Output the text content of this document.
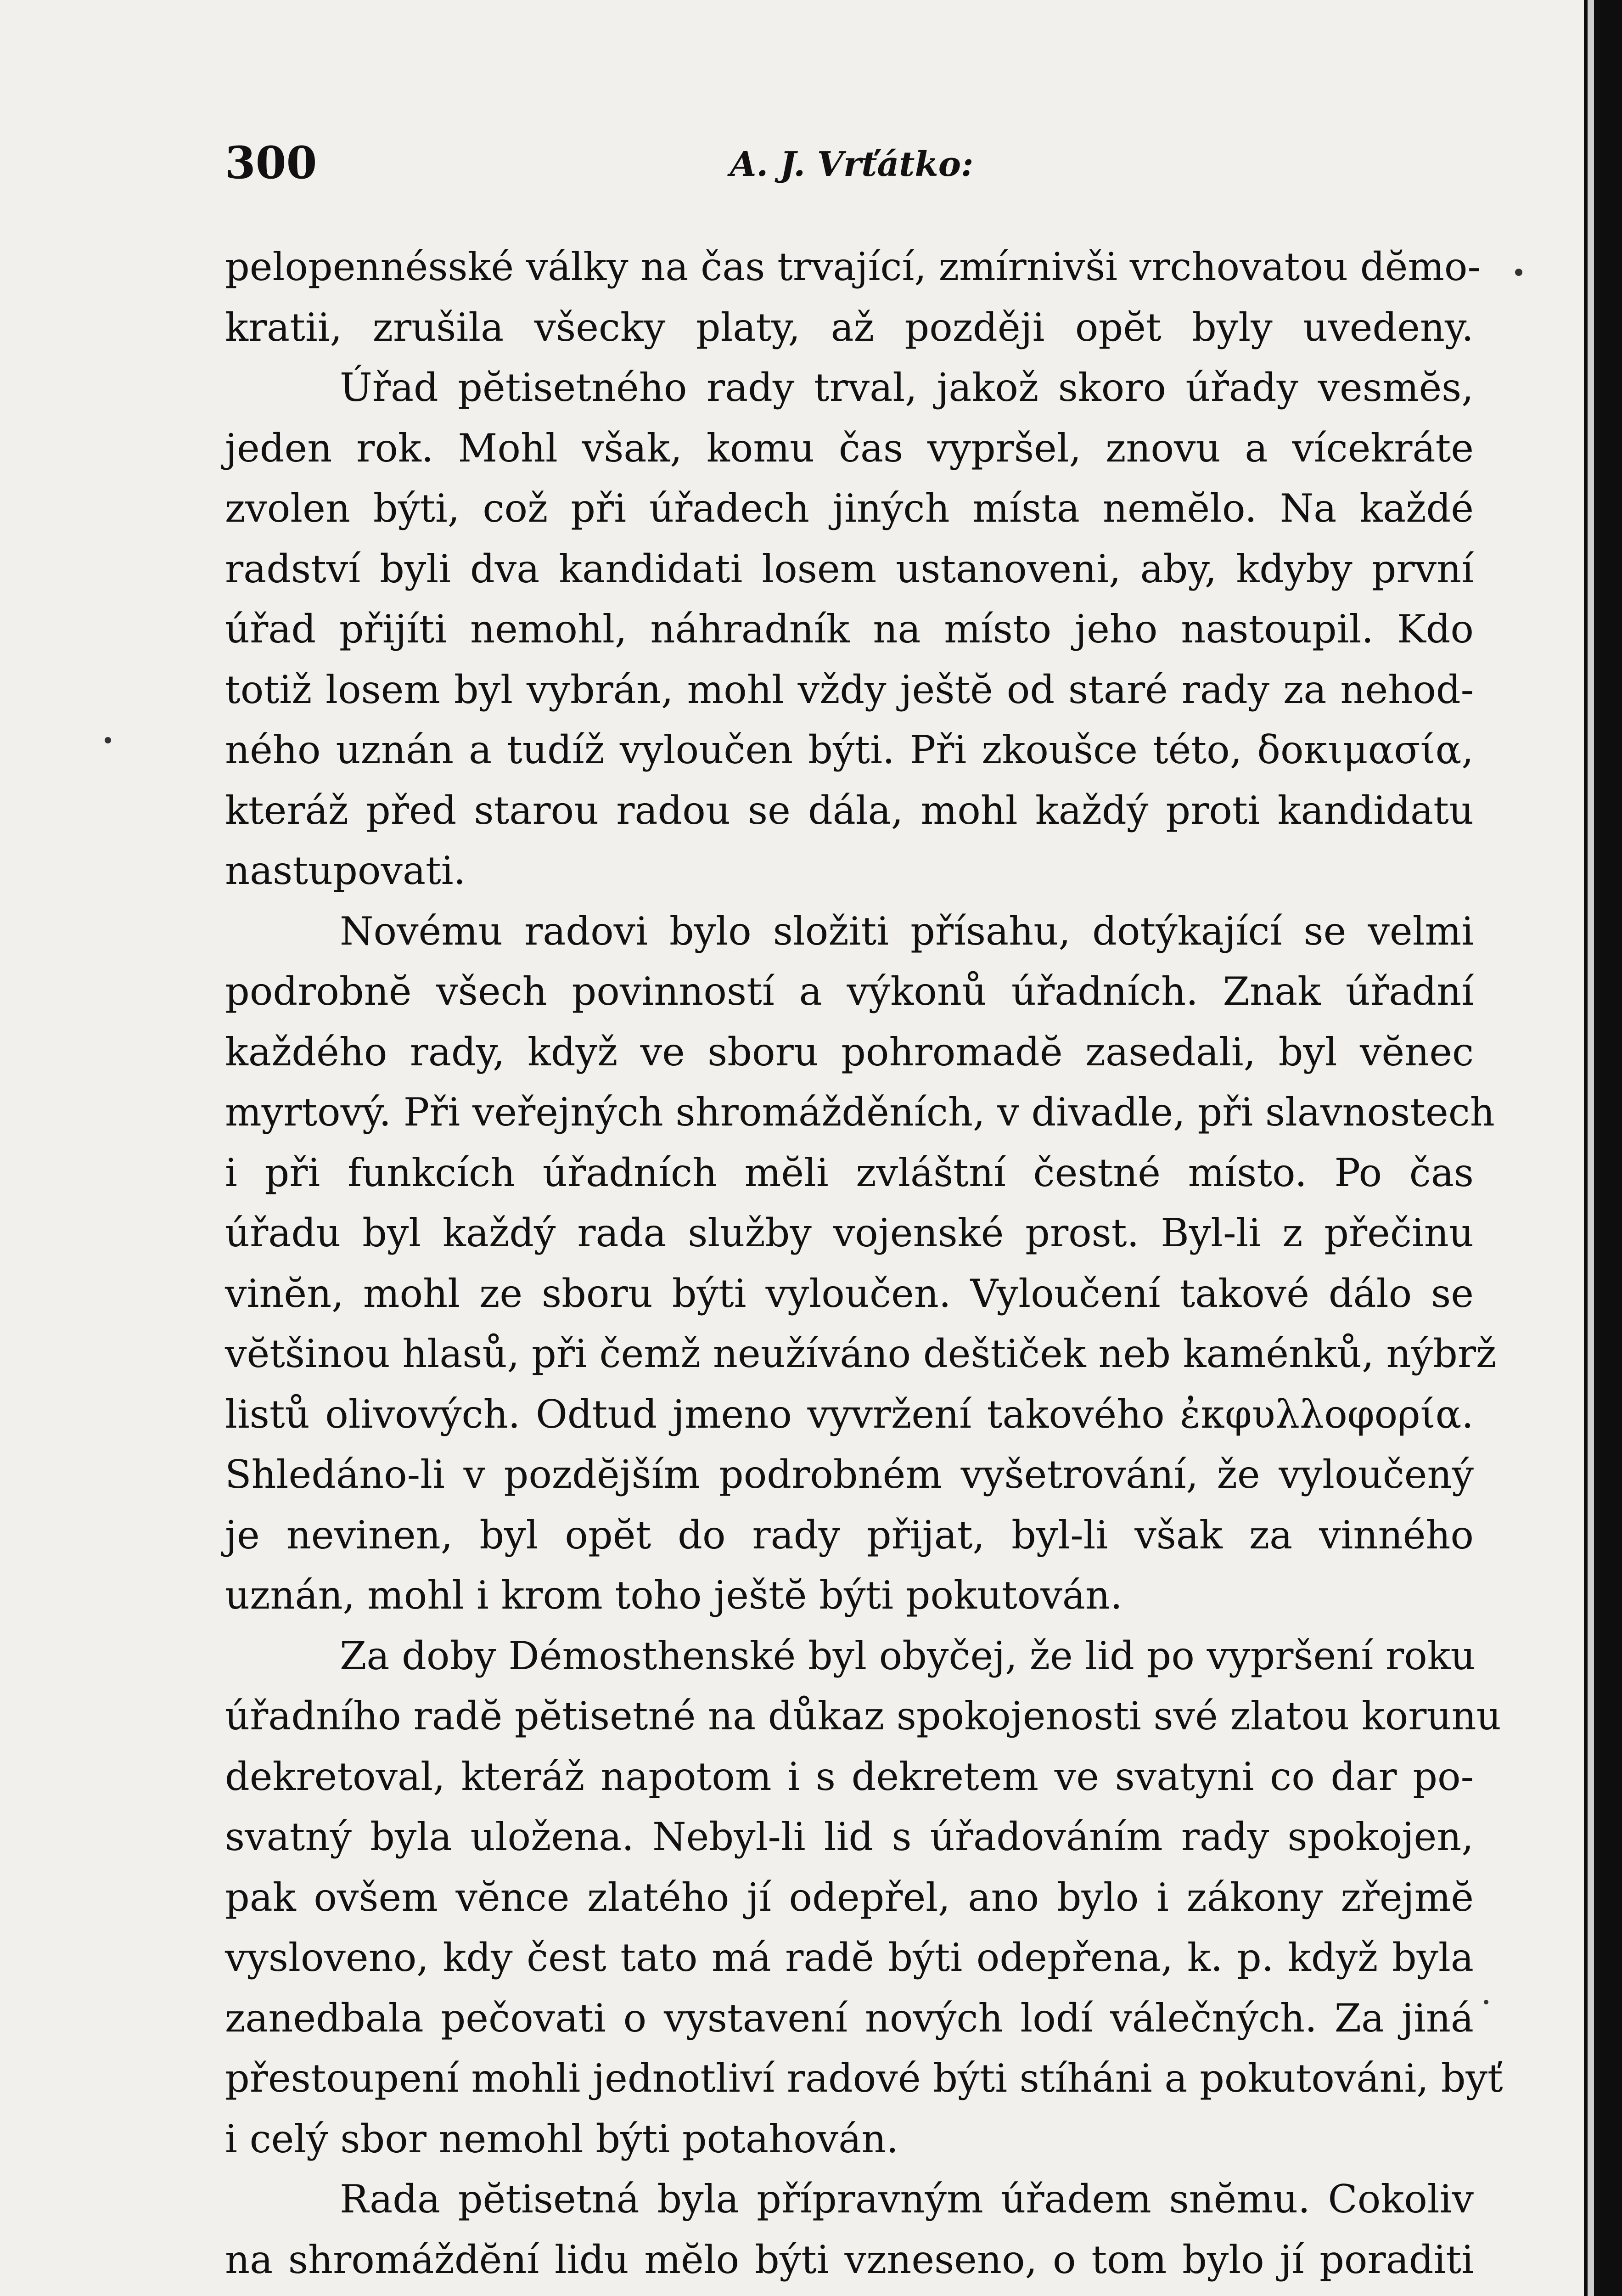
300	A. J. Vrťátko:
pelopennésské války na čas trvající, zmírnivši vrchovatou dĕmo-
kratii, zrušila všecky platy, až později opĕt byly uvedeny.
Úřad pĕtisetného rady trval, jakož skoro úřady vesmĕs,
jeden rok. Mohl však, komu čas vypršel, znovu a vícekráte
zvolen býti, což při úřadech jiných místa nemĕlo. Na každé
radství byli dva kandidati losem ustanoveni, aby, kdyby první
úřad přijíti nemohl, náhradník na místo jeho nastoupil. Kdo
totiž losem byl vybrán, mohl vždy ještĕ od staré rady za nehod-
ného uznán a tudíž vyloučen býti. Při zkoušce této, δοκιμασία,
kteráž před starou radou se dála, mohl každý proti kandidatu
nastupovati.
Novému radovi bylo složiti přísahu, dotýkající se velmi
podrobnĕ všech povinností a výkonů úřadních. Znak úřadní
každého rady, když ve sboru pohromadĕ zasedali, byl vĕnec
myrtový. Při veřejných shromážděních, v divadle, při slavnostech
i při funkcích úřadních mĕli zvláštní čestné místo. Po čas
úřadu byl každý rada služby vojenské prost. Byl-li z přečinu
vinĕn, mohl ze sboru býti vyloučen. Vyloučení takové dálo se
vĕtšinou hlasů, při čemž neužíváno deštiček neb kaménků, nýbrž
listů olivových. Odtud jmeno vyvržení takového ἐκφυλλοφορία.
Shledáno-li v pozdĕjším podrobném vyšetrování, že vyloučený
je nevinen, byl opĕt do rady přijat, byl-li však za vinného
uznán, mohl i krom toho ještĕ býti pokutován.
Za doby Démosthenské byl obyčej, že lid po vypršení roku
úřadního radĕ pĕtisetné na důkaz spokojenosti své zlatou korunu
dekretoval, kteráž napotom i s dekretem ve svatyni co dar po-
svatný byla uložena. Nebyl-li lid s úřadováním rady spokojen,
pak ovšem vĕnce zlatého jí odepřel, ano bylo i zákony zřejmĕ
vysloveno, kdy čest tato má radĕ býti odepřena, k. p. když byla
zanedbala pečovati o vystavení nových lodí válečných. Za jiná
přestoupení mohli jednotliví radové býti stíháni a pokutováni, byť
i celý sbor nemohl býti potahován.
Rada pĕtisetná byla přípravným úřadem snĕmu. Cokoliv
na shromáždĕní lidu mĕlo býti vzneseno, o tom bylo jí poraditi
